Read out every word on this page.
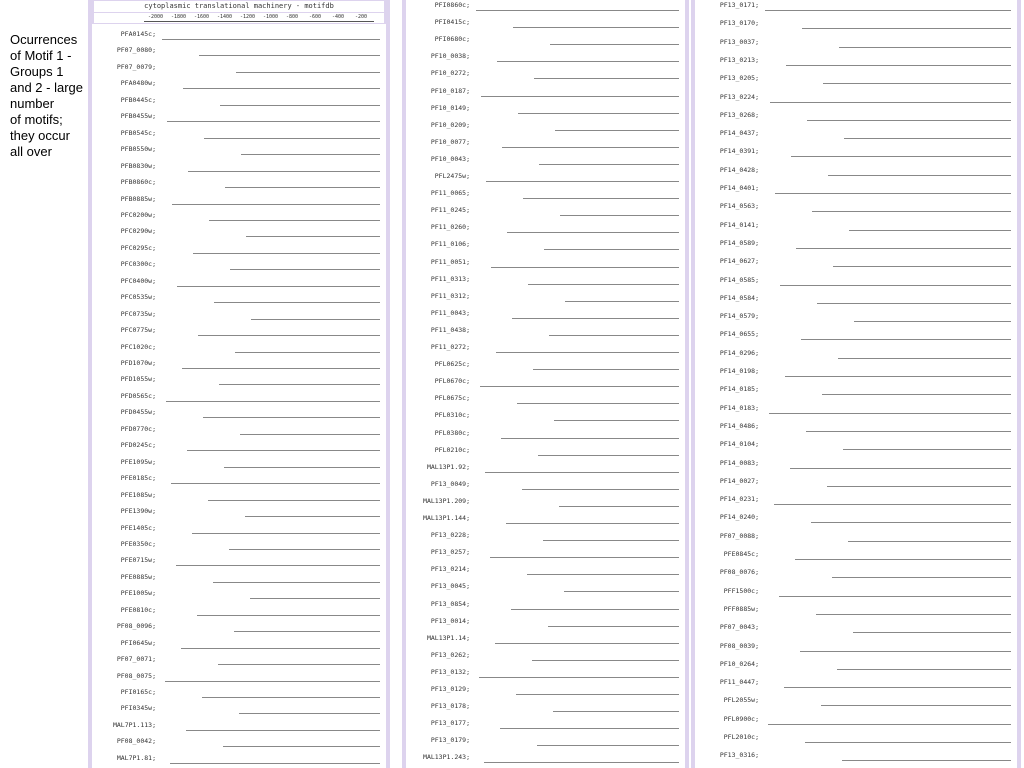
Ocurrences
of Motif 1 -
Groups 1
and 2 - large
number
of motifs;
they occur
all over
cytoplasmic translational machinery - motifdb
-2000 -1800 -1600 -1400 -1200 -1000 -800 -600 -400 -200
PFA0145c;
PF07_0080;
PF07_0079;
PFA0480w;
PFB0445c;
PFB0455w;
PFB0545c;
PFB0550w;
PFB0830w;
PFB0860c;
PFB0885w;
PFC0200w;
PFC0290w;
PFC0295c;
PFC0300c;
PFC0400w;
PFC0535w;
PFC0735w;
PFC0775w;
PFC1020c;
PFD1070w;
PFD1055w;
PFD0565c;
PFD0455w;
PFD0770c;
PFD0245c;
PFE1095w;
PFE0185c;
PFE1085w;
PFE1390w;
PFE1405c;
PFE0350c;
PFE0715w;
PFE0885w;
PFE1005w;
PFE0810c;
PF08_0096;
PFI0645w;
PF07_0071;
PF08_0075;
PFI0165c;
PFI0345w;
MAL7P1.113;
PF08_0042;
MAL7P1.81;
PFI0860c;
PFI0415c;
PFI0680c;
PF10_0038;
PF10_0272;
PF10_0187;
PF10_0149;
PF10_0209;
PF10_0077;
PF10_0043;
PFL2475w;
PF11_0065;
PF11_0245;
PF11_0260;
PF11_0106;
PF11_0051;
PF11_0313;
PF11_0312;
PF11_0043;
PF11_0438;
PF11_0272;
PFL0625c;
PFL0670c;
PFL0675c;
PFL0310c;
PFL0380c;
PFL0210c;
MAL13P1.92;
PF13_0049;
MAL13P1.209;
MAL13P1.144;
PF13_0228;
PF13_0257;
PF13_0214;
PF13_0045;
PF13_0854;
PF13_0014;
MAL13P1.14;
PF13_0262;
PF13_0132;
PF13_0129;
PF13_0178;
PF13_0177;
PF13_0179;
MAL13P1.243;
PF13_0171;
PF13_0170;
PF13_0037;
PF13_0213;
PF13_0205;
PF13_0224;
PF13_0268;
PF14_0437;
PF14_0391;
PF14_0428;
PF14_0401;
PF14_0563;
PF14_0141;
PF14_0589;
PF14_0627;
PF14_0585;
PF14_0584;
PF14_0579;
PF14_0655;
PF14_0296;
PF14_0198;
PF14_0185;
PF14_0183;
PF14_0486;
PF14_0104;
PF14_0083;
PF14_0027;
PF14_0231;
PF14_0240;
PF07_0088;
PFE0845c;
PF08_0076;
PFF1500c;
PFF0885w;
PF07_0043;
PF08_0039;
PF10_0264;
PF11_0447;
PFL2055w;
PFL0900c;
PFL2010c;
PF13_0316;
